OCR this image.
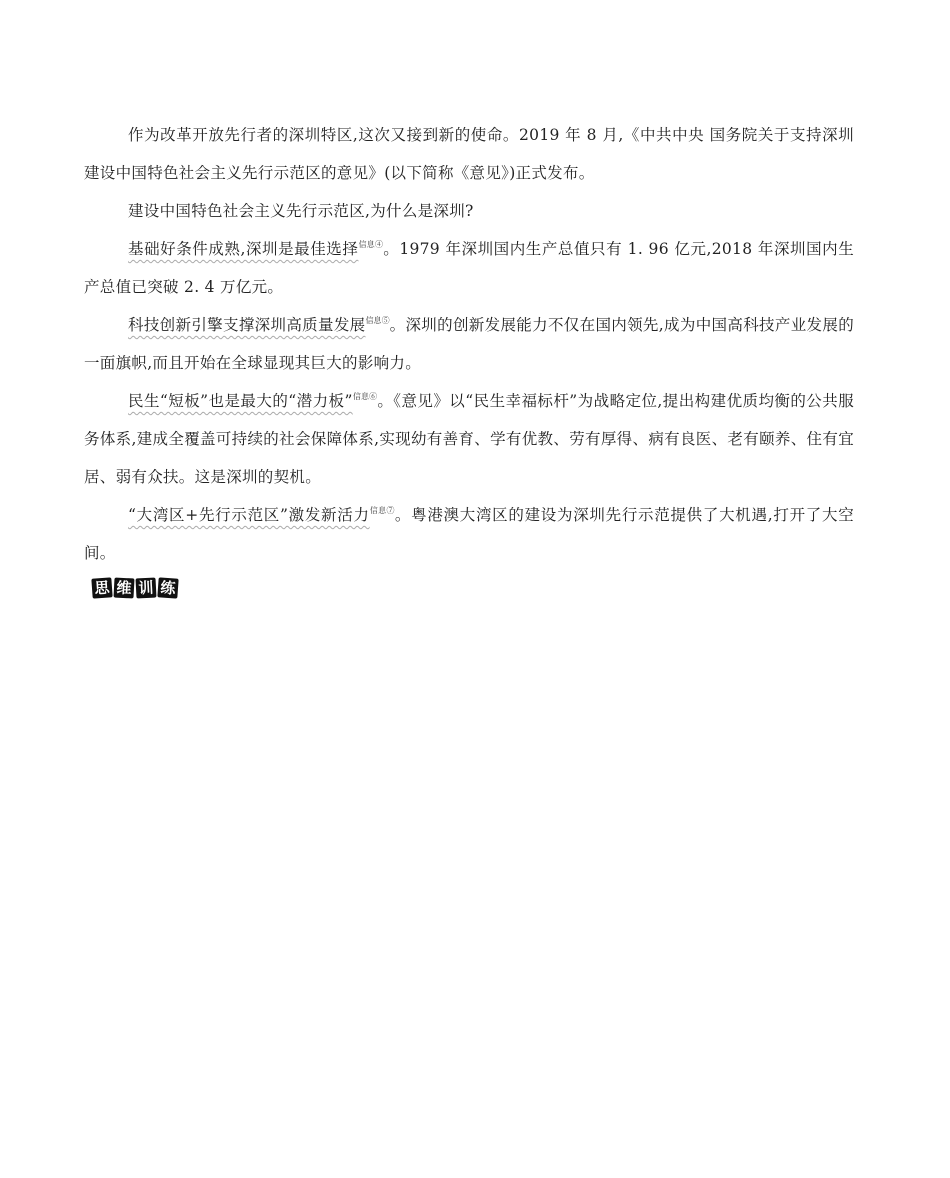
作为改革开放先行者的深圳特区,这次又接到新的使命。2019 年 8 月,《中共中央 国务院关于支持深圳建设中国特色社会主义先行示范区的意见》(以下简称《意见》)正式发布。

建设中国特色社会主义先行示范区,为什么是深圳?

基础好条件成熟,深圳是最佳选择$^{信息④}$。1979 年深圳国内生产总值只有 1. 96 亿元,2018 年深圳国内生产总值已突破 2. 4 万亿元。

科技创新引擎支撑深圳高质量发展$^{信息⑤}$。深圳的创新发展能力不仅在国内领先,成为中国高科技产业发展的一面旗帜,而且开始在全球显现其巨大的影响力。

民生“短板”也是最大的“潜力板”$^{信息⑥}$。《意见》以“民生幸福标杆”为战略定位,提出构建优质均衡的公共服务体系,建成全覆盖可持续的社会保障体系,实现幼有善育、学有优教、劳有厚得、病有良医、老有颐养、住有宜居、弱有众扶。这是深圳的契机。

“大湾区+先行示范区”激发新活力$^{信息⑦}$。粤港澳大湾区的建设为深圳先行示范提供了大机遇,打开了大空间。

思 维 训 练
